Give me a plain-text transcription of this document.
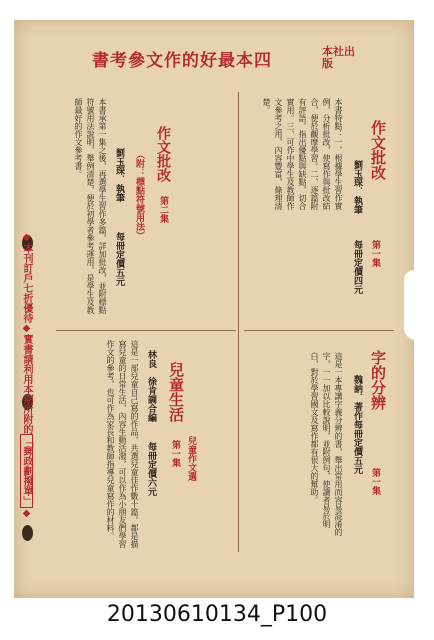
書考參文作的好最本四	本社出版
作文批改
劉玉琛．執筆
每冊定價四元 第一集
本書特點：一、根據學生習作實例，分析批改，使寫作與批改結合，便於觀摩學習。二、逐篇附有評語，指出優點與缺點，切合實用。三、可作中學生及教師作文參考之用，內容豐富，條理清楚。
字的分辨
第一集
魏訥．著作
每冊定價五元
這是一本專講字義分辨的書，舉出常用而容易混淆的字，一一加以比較說明，並附例句，使讀者易於明白，對於學習國文及寫作都有很大的幫助。
作文批改
第二集
（附：標點符號用法）
劉玉琛．執筆
每冊定價五元
本書承第一集之後，再選學生習作多篇，詳加批改，並附標點符號用法說明，舉例清楚，便於初學者參考運用，是學生及教師最好的作文參考書。
兒童生活
兒童作文選
第一集
林良　徐肯調合編
每冊定價六元
這是一部兒童自己寫的作品，共選兒童佳作數十篇，都是描寫兒童的日常生活，內容生動活潑，可以作為小朋友們學習作文的參考，也可作為家長和教師指導兒童寫作的材料。
◆本刊訂戶七折優待◆實書請利用本期所附的「郵政劃撥單」◆
20130610134_P100
